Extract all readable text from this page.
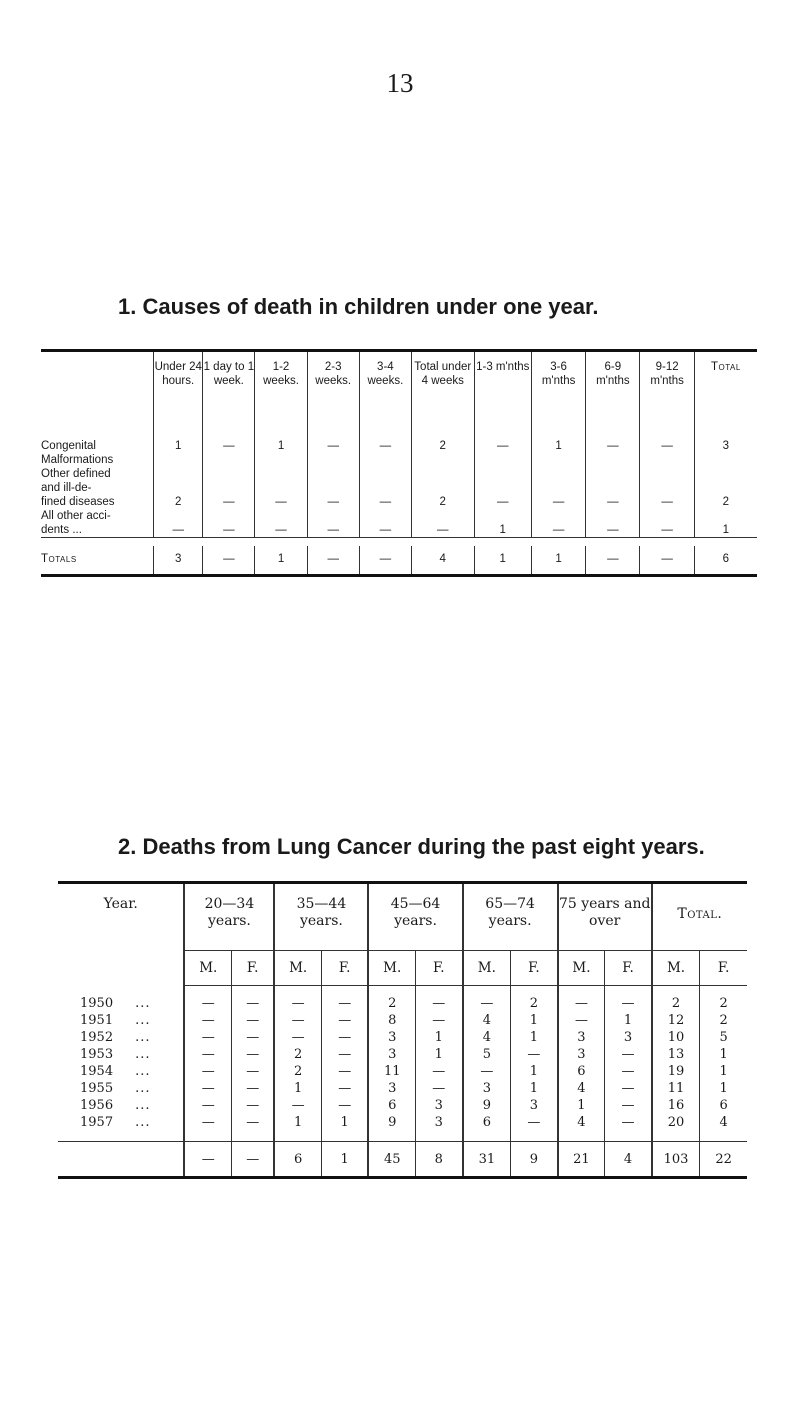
13
1. Causes of death in children under one year.
	Under 24 hours.	1 day to 1 week.	1-2 weeks.	2-3 weeks.	3-4 weeks.	Total under 4 weeks	1-3 m'nths	3-6 m'nths	6-9 m'nths	9-12 m'nths	Total

Congenital
Malformations	1	—	1	—	—	2	—	1	—	—	3

Other defined
and ill-de-
fined diseases	2	—	—	—	—	2	—	—	—	—	2

All other acci-
dents ...	—	—	—	—	—	—	1	—	—	—	1

Totals	3	—	1	—	—	4	1	1	—	—	6
2. Deaths from Lung Cancer during the past eight years.
Year.	20—34 years.		35—44 years.		45—64 years.		65—74 years.		75 years and over		Total.	
	M.	F.	M.	F.	M.	F.	M.	F.	M.	F.	M.	F.
1950 ...	—	—	—	—	2	—	—	2	—	—	2	2
1951 ...	—	—	—	—	8	—	4	1	—	1	12	2
1952 ...	—	—	—	—	3	1	4	1	3	3	10	5
1953 ...	—	—	2	—	3	1	5	—	3	—	13	1
1954 ...	—	—	2	—	11	—	—	1	6	—	19	1
1955 ...	—	—	1	—	3	—	3	1	4	—	11	1
1956 ...	—	—	—	—	6	3	9	3	1	—	16	6
1957 ...	—	—	1	1	9	3	6	—	4	—	20	4

	—	—	6	1	45	8	31	9	21	4	103	22
